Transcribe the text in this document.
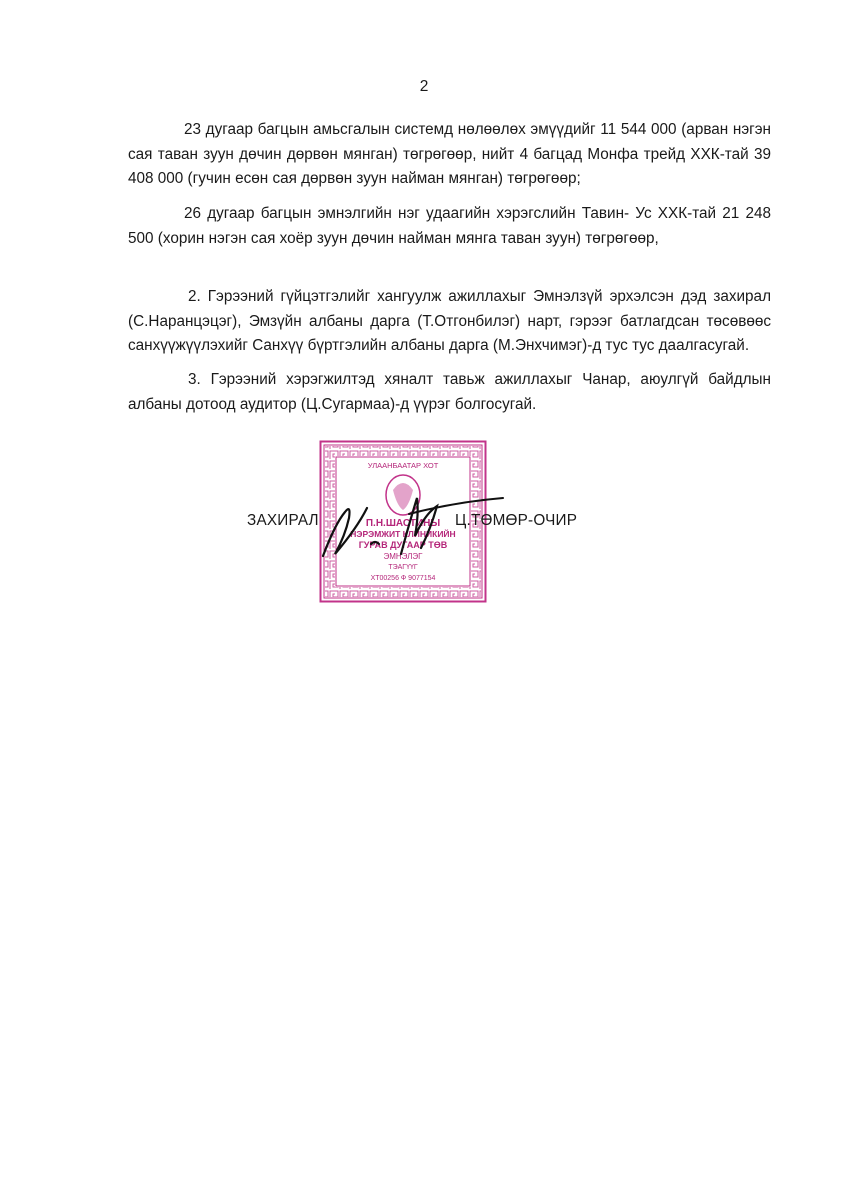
2

23 дугаар багцын амьсгалын системд нөлөөлөх эмүүдийг 11 544 000 (арван нэгэн сая таван зуун дөчин дөрвөн мянган) төгрөгөөр, нийт 4 багцад Монфа трейд ХХК-тай 39 408 000 (гучин есөн сая дөрвөн зуун найман мянган) төгрөгөөр;

26 дугаар багцын эмнэлгийн нэг удаагийн хэрэгслийн Тавин- Ус ХХК-тай 21 248 500 (хорин нэгэн сая хоёр зуун дөчин найман мянга таван зуун) төгрөгөөр,

2. Гэрээний гүйцэтгэлийг хангуулж ажиллахыг Эмнэлзүй эрхэлсэн дэд захирал (С.Наранцэцэг), Эмзүйн албаны дарга (Т.Отгонбилэг) нарт, гэрээг батлагдсан төсөвөөс санхүүжүүлэхийг Санхүү бүртгэлийн албаны дарга (М.Энхчимэг)-д тус тус даалгасугай.

3. Гэрээний хэрэгжилтэд хяналт тавьж ажиллахыг Чанар, аюулгүй байдлын албаны дотоод аудитор (Ц.Сугармаа)-д үүрэг болгосугай.

УЛААНБААТАР ХОТ
П.Н.ШАСТИНЫ
НЭРЭМЖИТ КЛИНИКИЙН
ГУРАВ ДУГААР ТӨВ
ЭМНЭЛЭГ
ТЭАГҮҮГ
ХТ00256 Ф 9077154
ЗАХИРАЛ	Ц.ТӨМӨР-ОЧИР
